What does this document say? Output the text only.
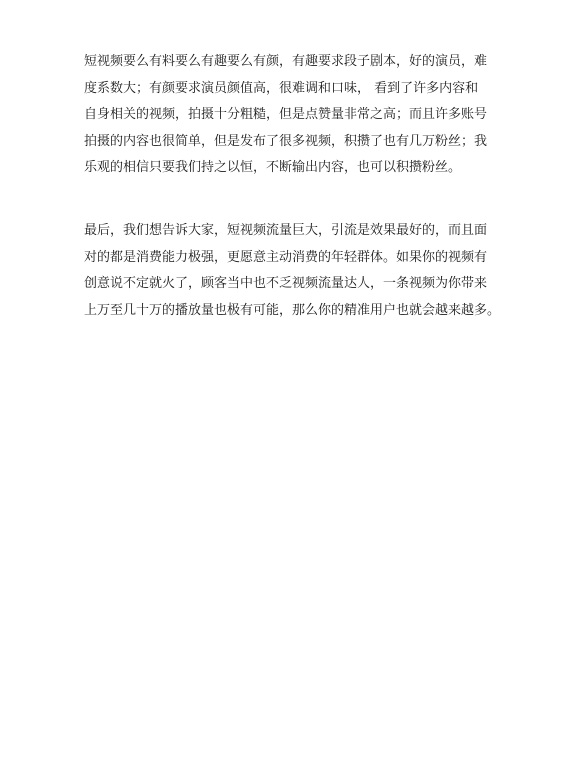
短视频要么有料要么有趣要么有颜，有趣要求段子剧本，好的演员，难
度系数大；有颜要求演员颜值高，很难调和口味， 看到了许多内容和
自身相关的视频，拍摄十分粗糙，但是点赞量非常之高；而且许多账号
拍摄的内容也很简单，但是发布了很多视频，积攒了也有几万粉丝；我
乐观的相信只要我们持之以恒，不断输出内容，也可以积攒粉丝。
最后，我们想告诉大家，短视频流量巨大，引流是效果最好的，而且面
对的都是消费能力极强，更愿意主动消费的年轻群体。如果你的视频有
创意说不定就火了，顾客当中也不乏视频流量达人，一条视频为你带来
上万至几十万的播放量也极有可能，那么你的精准用户也就会越来越多。
